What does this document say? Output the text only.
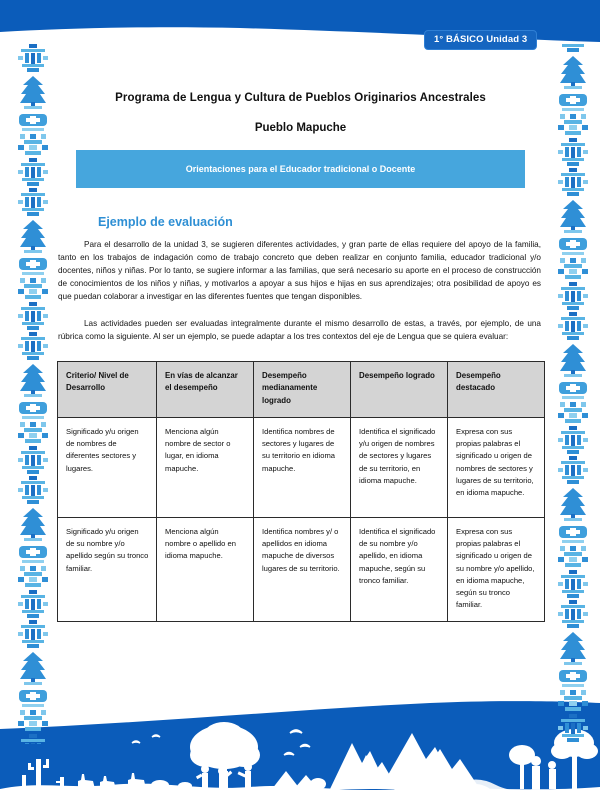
1° BÁSICO Unidad 3
Programa de Lengua y Cultura de Pueblos Originarios Ancestrales
Pueblo Mapuche
Orientaciones para el Educador tradicional o Docente
Ejemplo de evaluación
Para el desarrollo de la unidad 3, se sugieren diferentes actividades, y gran parte de ellas requiere del apoyo de la familia, tanto en los trabajos de indagación como de trabajo concreto que deben realizar en conjunto familia, educador tradicional y/o docentes, niños y niñas. Por lo tanto, se sugiere informar a las familias, que será necesario su aporte en el proceso de construcción de conocimientos de los niños y niñas, y motivarlos a apoyar a sus hijos e hijas en sus aprendizajes; otra posibilidad de apoyo es que puedan colaborar a investigar en las diferentes fuentes que tengan disponibles.
Las actividades pueden ser evaluadas integralmente durante el mismo desarrollo de estas, a través, por ejemplo, de una rúbrica como la siguiente. Al ser un ejemplo, se puede adaptar a los tres contextos del eje de Lengua que se quiera evaluar:
Criterio/ Nivel de Desarrollo	En vías de alcanzar el desempeño	Desempeño medianamente logrado	Desempeño logrado	Desempeño destacado
Significado y/u origen de nombres de diferentes sectores y lugares.	Menciona algún nombre de sector o lugar, en idioma mapuche.	Identifica nombres de sectores y lugares de su territorio en idioma mapuche.	Identifica el significado y/u origen de nombres de sectores y lugares de su territorio, en idioma mapuche.	Expresa con sus propias palabras el significado u origen de nombres de sectores y lugares de su territorio, en idioma mapuche.
Significado y/u origen de su nombre y/o apellido según su tronco familiar.	Menciona algún nombre o apellido en idioma mapuche.	Identifica nombres y/ o apellidos en idioma mapuche de diversos lugares de su territorio.	Identifica el significado de su nombre y/o apellido, en idioma mapuche, según su tronco familiar.	Expresa con sus propias palabras el significado u origen de su nombre y/o apellido, en idioma mapuche, según su tronco familiar.
